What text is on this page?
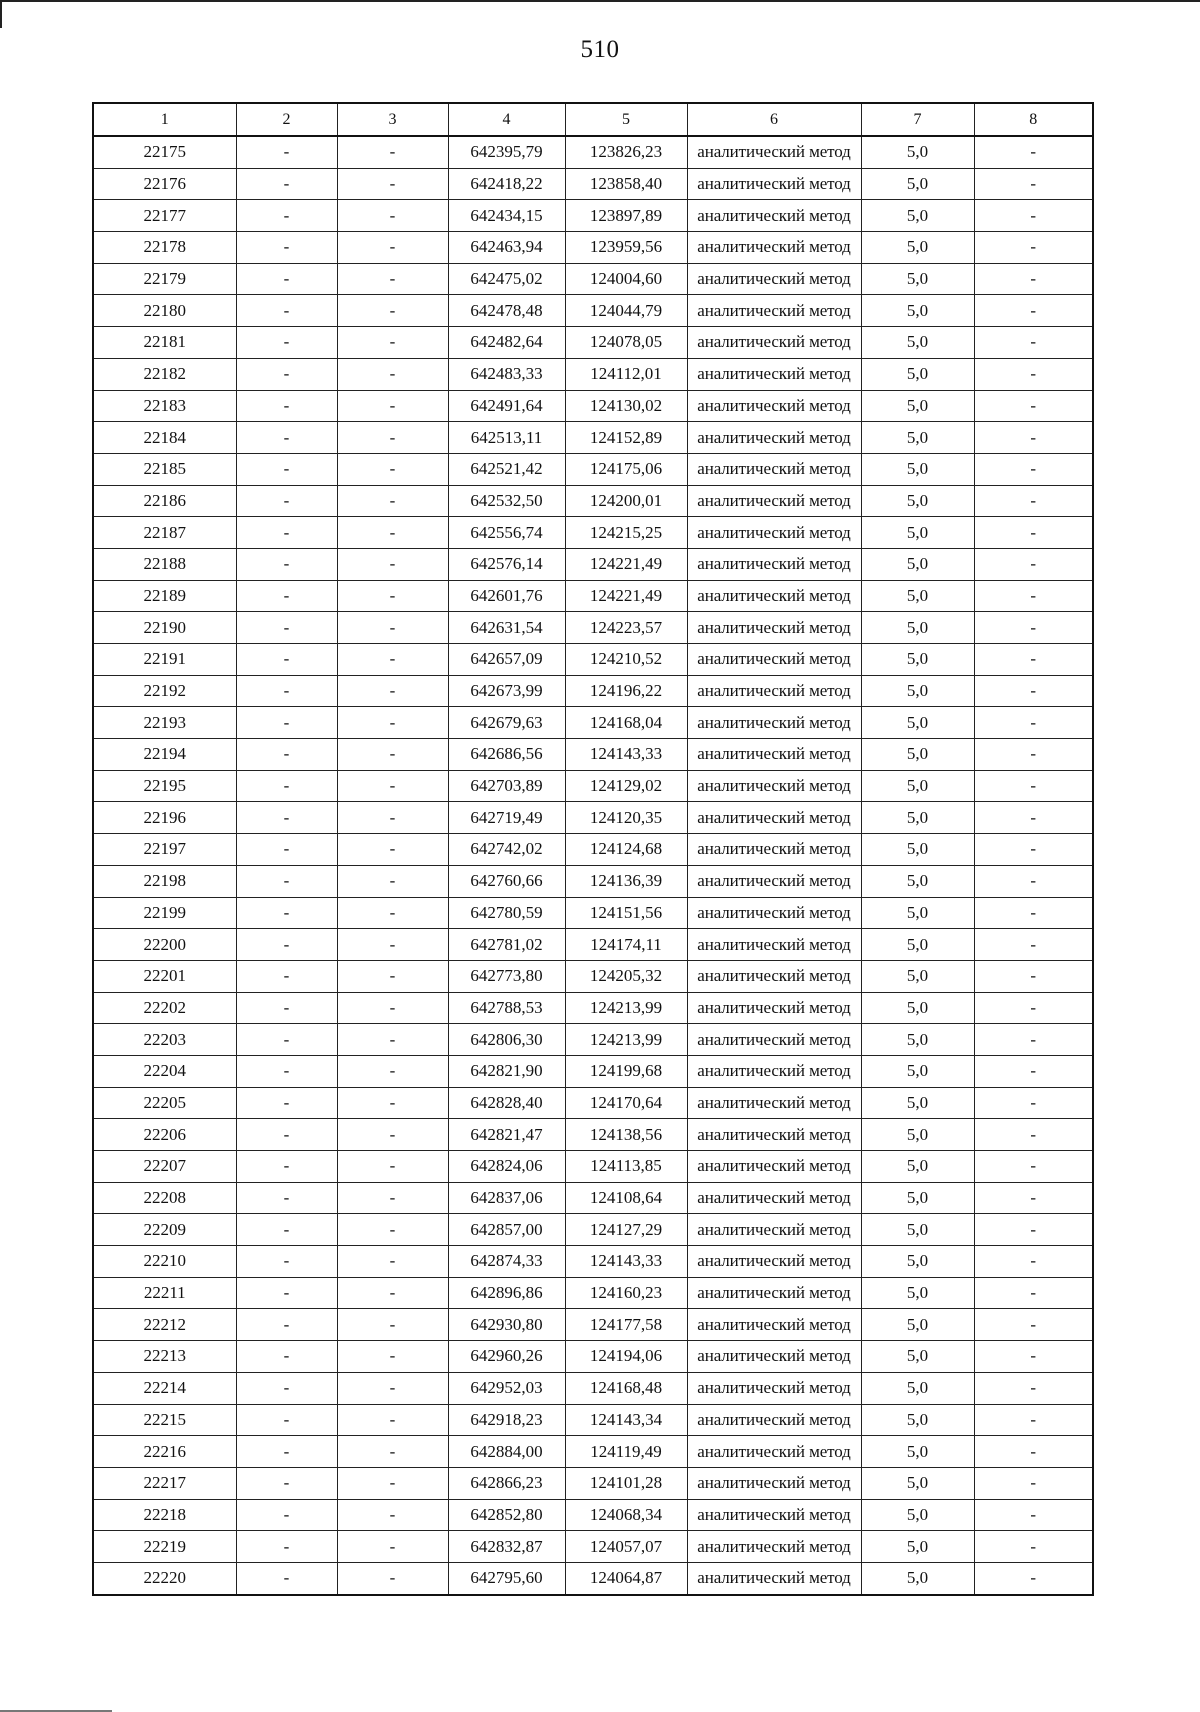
510
1	2	3	4	5	6	7	8
22175	-	-	642395,79	123826,23	аналитический метод	5,0	-
22176	-	-	642418,22	123858,40	аналитический метод	5,0	-
22177	-	-	642434,15	123897,89	аналитический метод	5,0	-
22178	-	-	642463,94	123959,56	аналитический метод	5,0	-
22179	-	-	642475,02	124004,60	аналитический метод	5,0	-
22180	-	-	642478,48	124044,79	аналитический метод	5,0	-
22181	-	-	642482,64	124078,05	аналитический метод	5,0	-
22182	-	-	642483,33	124112,01	аналитический метод	5,0	-
22183	-	-	642491,64	124130,02	аналитический метод	5,0	-
22184	-	-	642513,11	124152,89	аналитический метод	5,0	-
22185	-	-	642521,42	124175,06	аналитический метод	5,0	-
22186	-	-	642532,50	124200,01	аналитический метод	5,0	-
22187	-	-	642556,74	124215,25	аналитический метод	5,0	-
22188	-	-	642576,14	124221,49	аналитический метод	5,0	-
22189	-	-	642601,76	124221,49	аналитический метод	5,0	-
22190	-	-	642631,54	124223,57	аналитический метод	5,0	-
22191	-	-	642657,09	124210,52	аналитический метод	5,0	-
22192	-	-	642673,99	124196,22	аналитический метод	5,0	-
22193	-	-	642679,63	124168,04	аналитический метод	5,0	-
22194	-	-	642686,56	124143,33	аналитический метод	5,0	-
22195	-	-	642703,89	124129,02	аналитический метод	5,0	-
22196	-	-	642719,49	124120,35	аналитический метод	5,0	-
22197	-	-	642742,02	124124,68	аналитический метод	5,0	-
22198	-	-	642760,66	124136,39	аналитический метод	5,0	-
22199	-	-	642780,59	124151,56	аналитический метод	5,0	-
22200	-	-	642781,02	124174,11	аналитический метод	5,0	-
22201	-	-	642773,80	124205,32	аналитический метод	5,0	-
22202	-	-	642788,53	124213,99	аналитический метод	5,0	-
22203	-	-	642806,30	124213,99	аналитический метод	5,0	-
22204	-	-	642821,90	124199,68	аналитический метод	5,0	-
22205	-	-	642828,40	124170,64	аналитический метод	5,0	-
22206	-	-	642821,47	124138,56	аналитический метод	5,0	-
22207	-	-	642824,06	124113,85	аналитический метод	5,0	-
22208	-	-	642837,06	124108,64	аналитический метод	5,0	-
22209	-	-	642857,00	124127,29	аналитический метод	5,0	-
22210	-	-	642874,33	124143,33	аналитический метод	5,0	-
22211	-	-	642896,86	124160,23	аналитический метод	5,0	-
22212	-	-	642930,80	124177,58	аналитический метод	5,0	-
22213	-	-	642960,26	124194,06	аналитический метод	5,0	-
22214	-	-	642952,03	124168,48	аналитический метод	5,0	-
22215	-	-	642918,23	124143,34	аналитический метод	5,0	-
22216	-	-	642884,00	124119,49	аналитический метод	5,0	-
22217	-	-	642866,23	124101,28	аналитический метод	5,0	-
22218	-	-	642852,80	124068,34	аналитический метод	5,0	-
22219	-	-	642832,87	124057,07	аналитический метод	5,0	-
22220	-	-	642795,60	124064,87	аналитический метод	5,0	-
